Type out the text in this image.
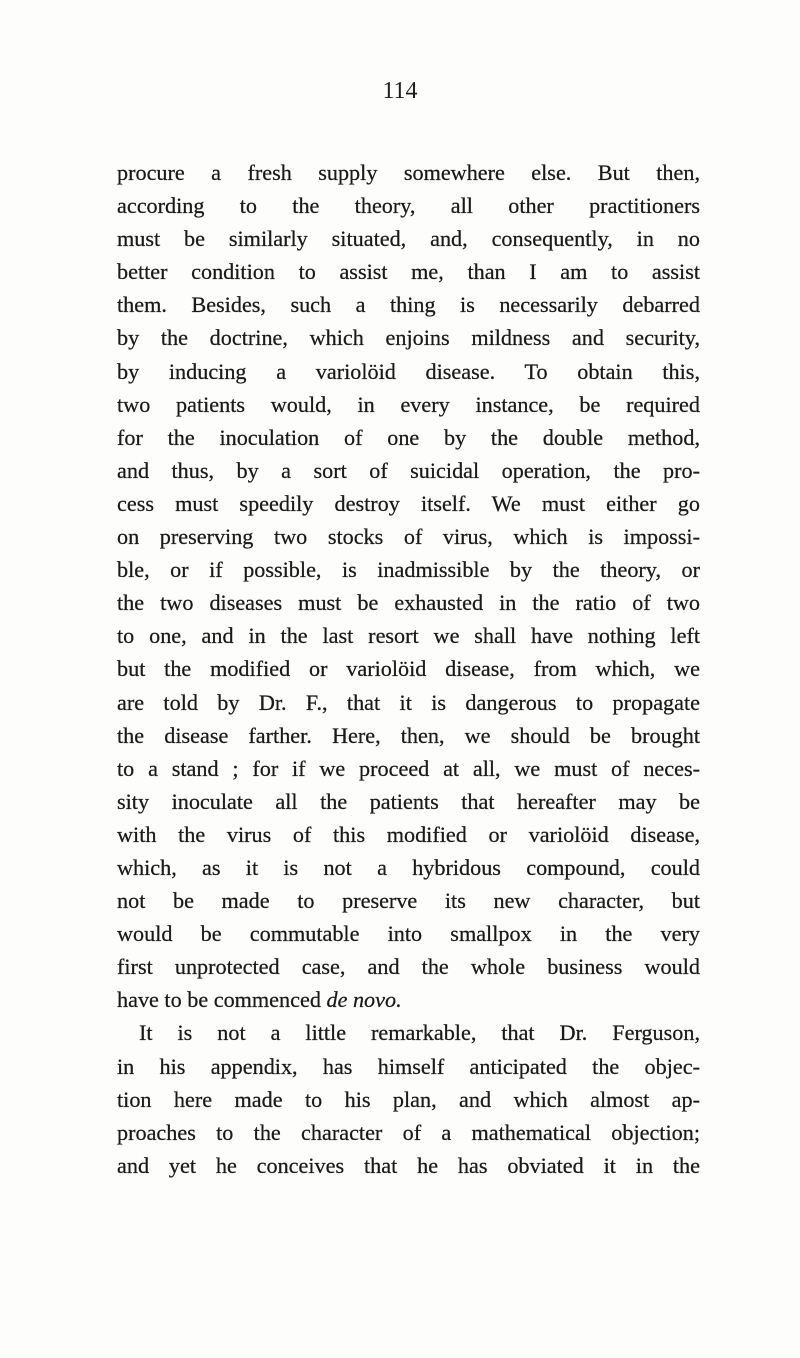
114
procure a fresh supply somewhere else. But then,
according to the theory, all other practitioners
must be similarly situated, and, consequently, in no
better condition to assist me, than I am to assist
them. Besides, such a thing is necessarily debarred
by the doctrine, which enjoins mildness and security,
by inducing a variolöid disease. To obtain this,
two patients would, in every instance, be required
for the inoculation of one by the double method,
and thus, by a sort of suicidal operation, the pro-
cess must speedily destroy itself. We must either go
on preserving two stocks of virus, which is impossi-
ble, or if possible, is inadmissible by the theory, or
the two diseases must be exhausted in the ratio of two
to one, and in the last resort we shall have nothing left
but the modified or variolöid disease, from which, we
are told by Dr. F., that it is dangerous to propagate
the disease farther. Here, then, we should be brought
to a stand ; for if we proceed at all, we must of neces-
sity inoculate all the patients that hereafter may be
with the virus of this modified or variolöid disease,
which, as it is not a hybridous compound, could
not be made to preserve its new character, but
would be commutable into smallpox in the very
first unprotected case, and the whole business would
have to be commenced de novo.
It is not a little remarkable, that Dr. Ferguson,
in his appendix, has himself anticipated the objec-
tion here made to his plan, and which almost ap-
proaches to the character of a mathematical objection;
and yet he conceives that he has obviated it in the
